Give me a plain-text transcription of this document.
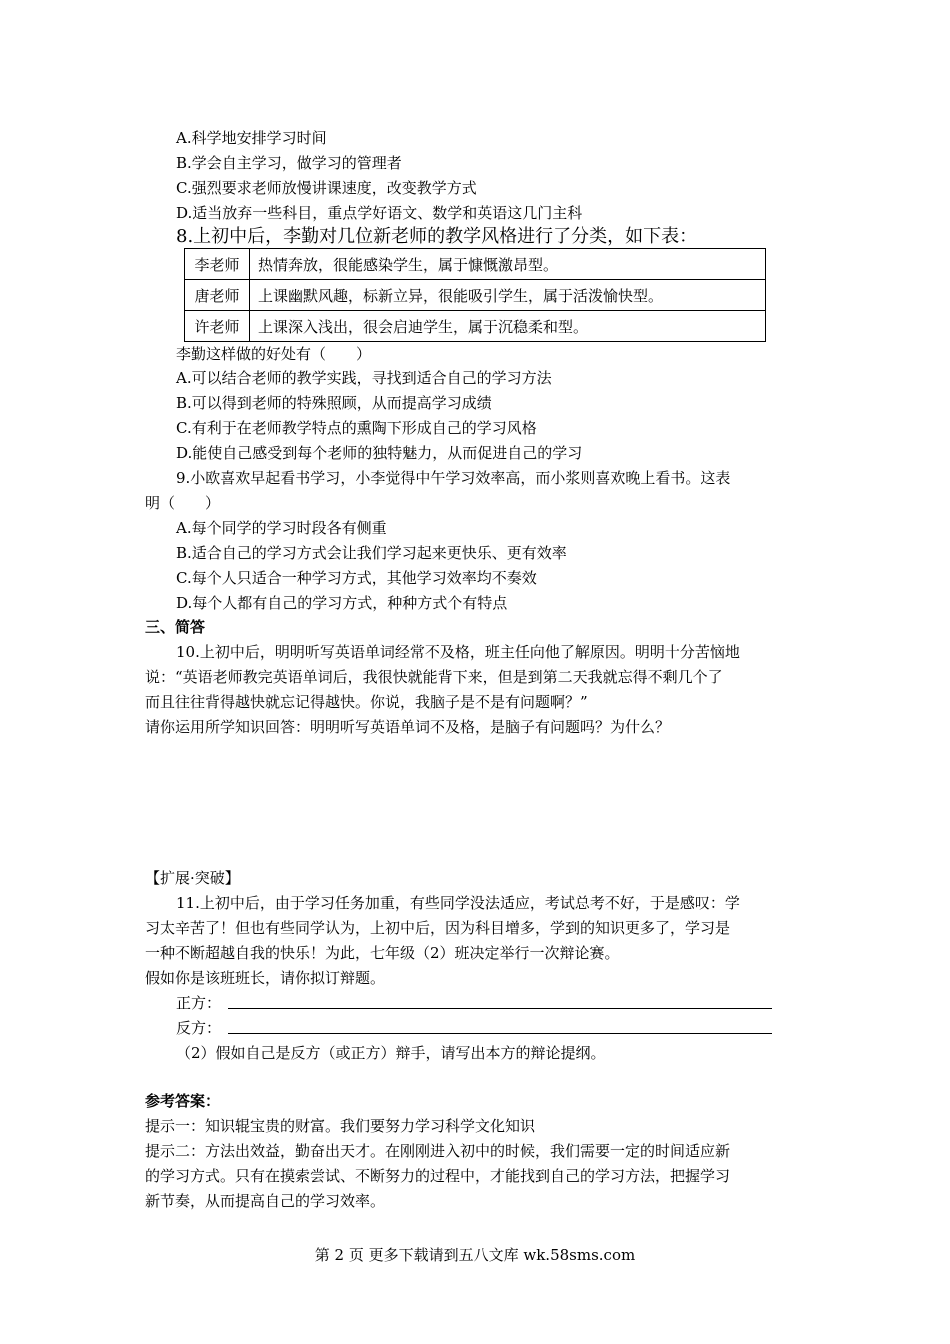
A.科学地安排学习时间
B.学会自主学习，做学习的管理者
C.强烈要求老师放慢讲课速度，改变教学方式
D.适当放弃一些科目，重点学好语文、数学和英语这几门主科
8.上初中后，李勤对几位新老师的教学风格进行了分类，如下表：
李老师	热情奔放，很能感染学生，属于慷慨激昂型。
唐老师	上课幽默风趣，标新立异，很能吸引学生，属于活泼愉快型。
许老师	上课深入浅出，很会启迪学生，属于沉稳柔和型。
李勤这样做的好处有（　　）
A.可以结合老师的教学实践，寻找到适合自己的学习方法
B.可以得到老师的特殊照顾，从而提高学习成绩
C.有利于在老师教学特点的熏陶下形成自己的学习风格
D.能使自己感受到每个老师的独特魅力，从而促进自己的学习
9.小欧喜欢早起看书学习，小李觉得中午学习效率高，而小浆则喜欢晚上看书。这表
明（　　）
A.每个同学的学习时段各有侧重
B.适合自己的学习方式会让我们学习起来更快乐、更有效率
C.每个人只适合一种学习方式，其他学习效率均不奏效
D.每个人都有自己的学习方式，种种方式个有特点
三、简答
10.上初中后，明明听写英语单词经常不及格，班主任向他了解原因。明明十分苦恼地
说：“英语老师教完英语单词后，我很快就能背下来，但是到第二天我就忘得不剩几个了
而且往往背得越快就忘记得越快。你说，我脑子是不是有问题啊？”
请你运用所学知识回答：明明听写英语单词不及格，是脑子有问题吗？为什么？
【扩展·突破】
11.上初中后，由于学习任务加重，有些同学没法适应，考试总考不好，于是感叹：学
习太辛苦了！但也有些同学认为，上初中后，因为科目增多，学到的知识更多了，学习是
一种不断超越自我的快乐！为此，七年级（2）班决定举行一次辩论赛。
假如你是该班班长，请你拟订辩题。
正方：
反方：
（2）假如自己是反方（或正方）辩手，请写出本方的辩论提纲。
参考答案：
提示一：知识辊宝贵的财富。我们要努力学习科学文化知识
提示二：方法出效益，勤奋出天才。在刚刚进入初中的时候，我们需要一定的时间适应新
的学习方式。只有在摸索尝试、不断努力的过程中，才能找到自己的学习方法，把握学习
新节奏，从而提高自己的学习效率。
第 2 页 更多下载请到五八文库 wk.58sms.com
